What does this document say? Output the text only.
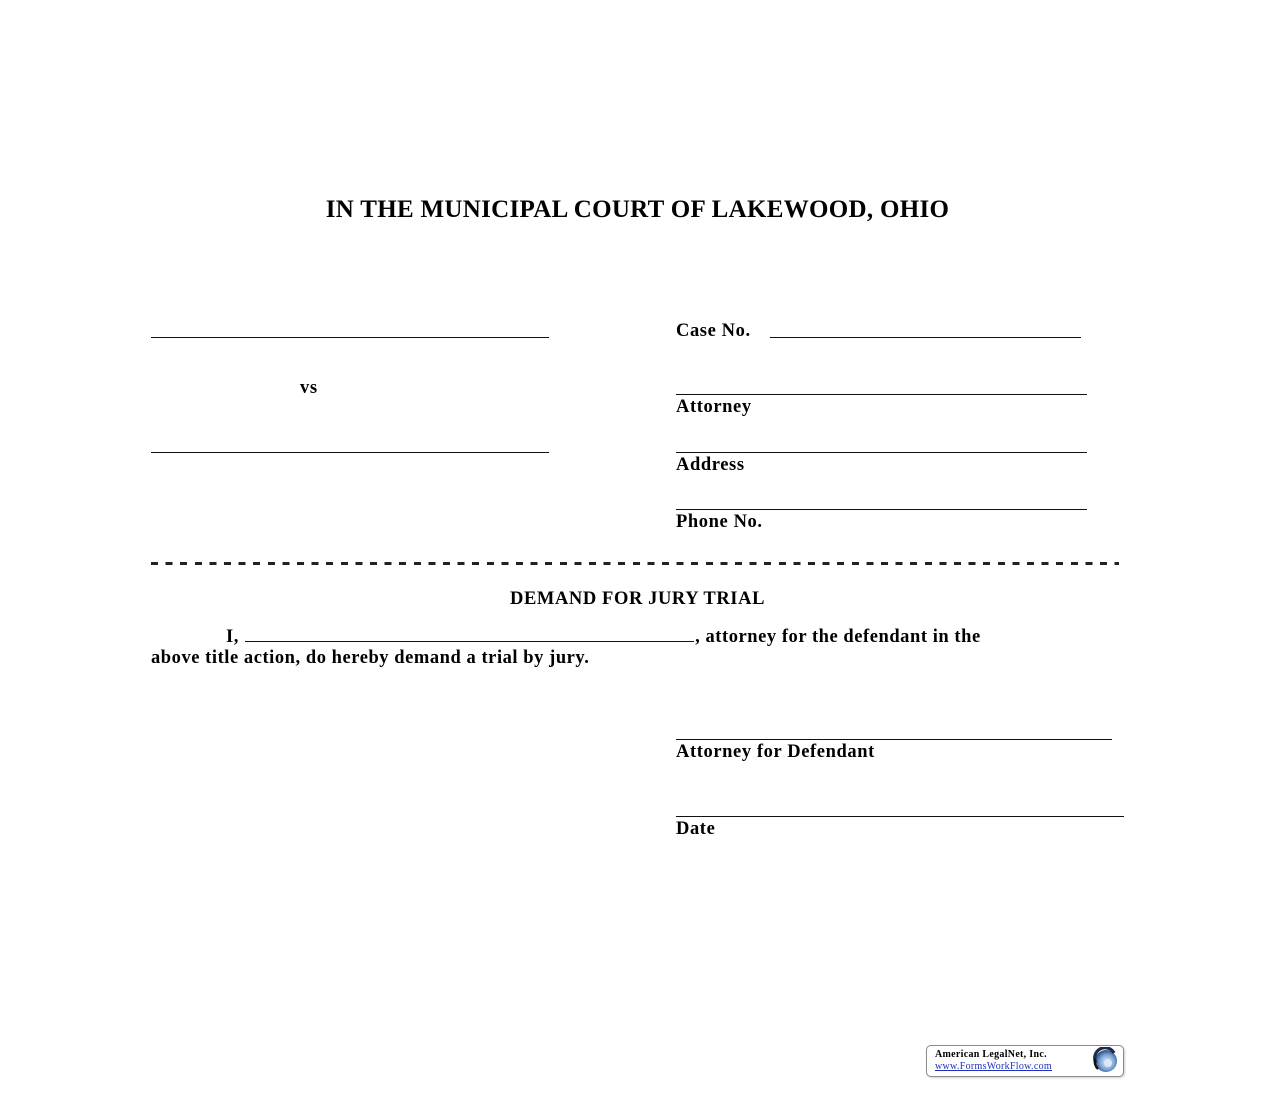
IN THE MUNICIPAL COURT OF LAKEWOOD, OHIO
vs
Case No.
Attorney
Address
Phone No.
DEMAND FOR JURY TRIAL
I,	, attorney for the defendant in the
above title action, do hereby demand a trial by jury.
Attorney for Defendant
Date
American LegalNet, Inc.
www.FormsWorkFlow.com
